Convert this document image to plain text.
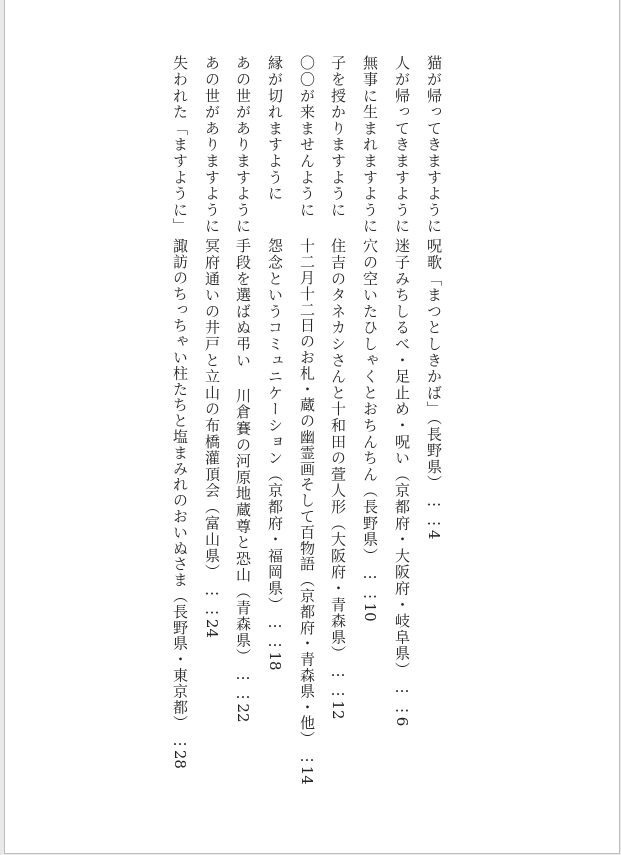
猫が帰ってきますように
人が帰ってきますように
無事に生まれますように
子を授かりますように
〇〇が来ませんように
縁が切れますように
あの世がありますように
あの世がありますように
失われた「ますように」
呪歌「まつとしきかば」（長野県）……4
迷子みちしるべ・足止め・呪い（京都府・大阪府・岐阜県）……6
穴の空いたひしゃくとおちんちん（長野県）……10
住吉のタネカシさんと十和田の萱人形（大阪府・青森県）……12
十二月十二日のお札・蔵の幽霊画そして百物語（京都府・青森県・他）…14
怨念というコミュニケーション（京都府・福岡県）……18
手段を選ばぬ弔い 川倉賽の河原地蔵尊と恐山（青森県）……22
冥府通いの井戸と立山の布橋灌頂会（富山県）……24
諏訪のちっちゃい柱たちと塩まみれのおいぬさま（長野県・東京都）…28
